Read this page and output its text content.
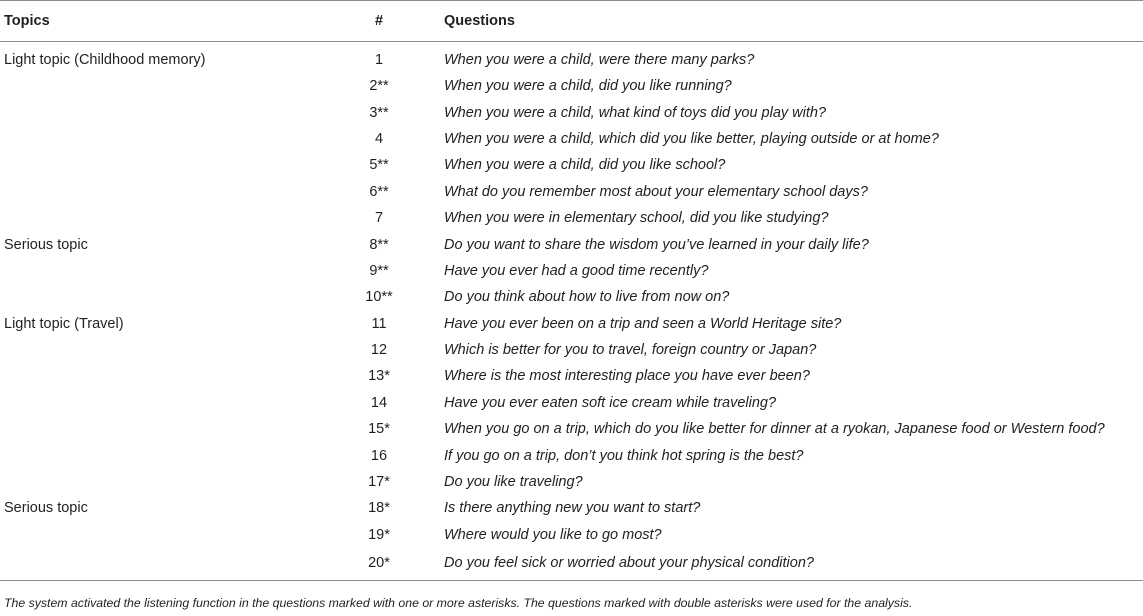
Topics	#	Questions
Light topic (Childhood memory)	1	When you were a child, were there many parks?
	2**	When you were a child, did you like running?
	3**	When you were a child, what kind of toys did you play with?
	4	When you were a child, which did you like better, playing outside or at home?
	5**	When you were a child, did you like school?
	6**	What do you remember most about your elementary school days?
	7	When you were in elementary school, did you like studying?
Serious topic	8**	Do you want to share the wisdom you’ve learned in your daily life?
	9**	Have you ever had a good time recently?
	10**	Do you think about how to live from now on?
Light topic (Travel)	11	Have you ever been on a trip and seen a World Heritage site?
	12	Which is better for you to travel, foreign country or Japan?
	13*	Where is the most interesting place you have ever been?
	14	Have you ever eaten soft ice cream while traveling?
	15*	When you go on a trip, which do you like better for dinner at a ryokan, Japanese food or Western food?
	16	If you go on a trip, don’t you think hot spring is the best?
	17*	Do you like traveling?
Serious topic	18*	Is there anything new you want to start?
	19*	Where would you like to go most?
	20*	Do you feel sick or worried about your physical condition?
The system activated the listening function in the questions marked with one or more asterisks. The questions marked with double asterisks were used for the analysis.
